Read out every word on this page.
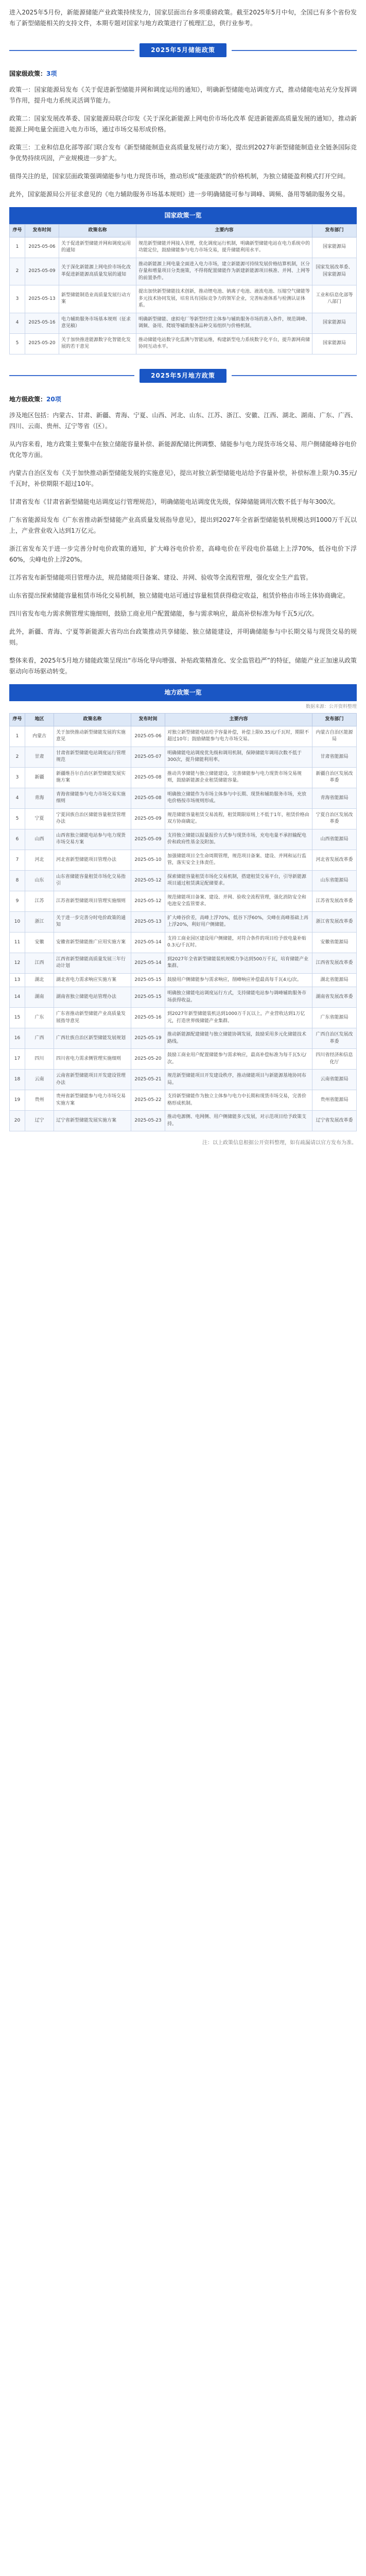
进入2025年5月份，新能源储能产业政策持续发力，国家层面出台多项重磅政策。截至2025年5月中旬，全国已有多个省份发布了新型储能相关的支持文件，本期专题对国家与地方政策进行了梳理汇总，供行业参考。

2025年5月储能政策
国家级政策：3项

政策一：国家能源局发布《关于促进新型储能并网和调度运用的通知》，明确新型储能电站调度方式，推动储能电站充分发挥调节作用，提升电力系统灵活调节能力。

政策二：国家发展改革委、国家能源局联合印发《关于深化新能源上网电价市场化改革 促进新能源高质量发展的通知》，推动新能源上网电量全面进入电力市场，通过市场交易形成价格。

政策三：工业和信息化部等部门联合发布《新型储能制造业高质量发展行动方案》，提出到2027年新型储能制造业全链条国际竞争优势持续巩固，产业规模进一步扩大。

值得关注的是，国家层面政策强调储能参与电力现货市场，推动形成“能涨能跌”的价格机制，为独立储能盈利模式打开空间。

此外，国家能源局公开征求意见的《电力辅助服务市场基本规则》进一步明确储能可参与调峰、调频、备用等辅助服务交易。

国家政策一览
序号	发布时间	政策名称	主要内容	发布部门
1	2025-05-06	关于促进新型储能并网和调度运用的通知	规范新型储能并网接入管理，优化调度运行机制，明确新型储能电站在电力系统中的功能定位，鼓励储能参与电力市场交易，提升储能利用水平。	国家能源局
2	2025-05-09	关于深化新能源上网电价市场化改革促进新能源高质量发展的通知	推动新能源上网电量全面进入电力市场，建立新能源可持续发展价格结算机制，区分存量和增量项目分类施策，不得将配置储能作为新建新能源项目核准、并网、上网等的前置条件。	国家发展改革委、国家能源局
3	2025-05-13	新型储能制造业高质量发展行动方案	提出加快新型储能技术创新，推动锂电池、钠离子电池、液流电池、压缩空气储能等多元技术协同发展，培育具有国际竞争力的领军企业，完善标准体系与检测认证体系。	工业和信息化部等八部门
4	2025-05-16	电力辅助服务市场基本规则（征求意见稿）	明确新型储能、虚拟电厂等新型经营主体参与辅助服务市场的准入条件，规范调峰、调频、备用、爬坡等辅助服务品种交易组织与价格机制。	国家能源局
5	2025-05-20	关于加快推进能源数字化智能化发展的若干意见	推动储能电站数字化监测与智能运维，构建新型电力系统数字化平台，提升源网荷储协同互动水平。	国家能源局
2025年5月地方政策
地方级政策：20项

涉及地区包括：内蒙古、甘肃、新疆、青海、宁夏、山西、河北、山东、江苏、浙江、安徽、江西、湖北、湖南、广东、广西、四川、云南、贵州、辽宁等省（区）。

从内容来看，地方政策主要集中在独立储能容量补偿、新能源配储比例调整、储能参与电力现货市场交易、用户侧储能峰谷电价优化等方面。

内蒙古自治区发布《关于加快推动新型储能发展的实施意见》，提出对独立新型储能电站给予容量补偿，补偿标准上限为0.35元/千瓦时，补偿期限不超过10年。

甘肃省发布《甘肃省新型储能电站调度运行管理规范》，明确储能电站调度优先级，保障储能调用次数不低于每年300次。

广东省能源局发布《广东省推动新型储能产业高质量发展指导意见》，提出到2027年全省新型储能装机规模达到1000万千瓦以上，产业营业收入达到1万亿元。

浙江省发布关于进一步完善分时电价政策的通知，扩大峰谷电价价差，高峰电价在平段电价基础上上浮70%，低谷电价下浮60%，尖峰电价上浮20%。

江苏省发布新型储能项目管理办法，规范储能项目备案、建设、并网、验收等全流程管理，强化安全生产监管。

山东省提出探索储能容量租赁市场化交易机制，独立储能电站可通过容量租赁获得稳定收益，租赁价格由市场主体协商确定。

四川省发布电力需求侧管理实施细则，鼓励工商业用户配置储能，参与需求响应，最高补偿标准为每千瓦5元/次。

此外，新疆、青海、宁夏等新能源大省均出台政策推动共享储能、独立储能建设，并明确储能参与中长期交易与现货交易的规则。

整体来看，2025年5月地方储能政策呈现出“市场化导向增强、补贴政策精准化、安全监管趋严”的特征，储能产业正加速从政策驱动向市场驱动转变。

地方政策一览
数据来源：公开资料整理
序号	地区	政策名称	发布时间	主要内容	发布部门
1	内蒙古	关于加快推动新型储能发展的实施意见	2025-05-06	对独立新型储能电站给予容量补偿，补偿上限0.35元/千瓦时，期限不超过10年；鼓励储能参与电力市场交易。	内蒙古自治区能源局
2	甘肃	甘肃省新型储能电站调度运行管理规范	2025-05-07	明确储能电站调度优先级和调用机制，保障储能年调用次数不低于300次，提升储能利用率。	甘肃省能源局
3	新疆	新疆维吾尔自治区新型储能发展实施方案	2025-05-08	推动共享储能与独立储能建设，完善储能参与电力现货市场交易规则，鼓励新能源企业租赁储能容量。	新疆自治区发展改革委
4	青海	青海省储能参与电力市场交易实施细则	2025-05-08	明确独立储能作为市场主体参与中长期、现货和辅助服务市场，充放电价格按市场规则形成。	青海省能源局
5	宁夏	宁夏回族自治区储能容量租赁管理办法	2025-05-09	规范储能容量租赁交易流程，租赁期限原则上不低于1年，租赁价格由双方协商确定。	宁夏自治区发展改革委
6	山西	山西省独立储能电站参与电力现货市场交易方案	2025-05-09	支持独立储能以报量报价方式参与现货市场，充电电量不承担输配电价和政府性基金及附加。	山西省能源局
7	河北	河北省新型储能项目管理办法	2025-05-10	加强储能项目全生命周期管理，规范项目备案、建设、并网和运行监管，落实安全主体责任。	河北省发展改革委
8	山东	山东省储能容量租赁市场化交易指引	2025-05-12	探索储能容量租赁市场化交易机制，搭建租赁交易平台，引导新能源项目通过租赁满足配储要求。	山东省能源局
9	江苏	江苏省新型储能项目管理实施细则	2025-05-12	规范储能项目备案、建设、并网、验收全流程管理，强化消防安全和电池安全监管要求。	江苏省发展改革委
10	浙江	关于进一步完善分时电价政策的通知	2025-05-13	扩大峰谷价差，高峰上浮70%，低谷下浮60%，尖峰在高峰基础上再上浮20%，利好用户侧储能。	浙江省发展改革委
11	安徽	安徽省新型储能推广应用实施方案	2025-05-14	支持工商业园区建设用户侧储能，对符合条件的项目给予放电量补贴0.3元/千瓦时。	安徽省能源局
12	江西	江西省新型储能高质量发展三年行动计划	2025-05-14	到2027年全省新型储能装机规模力争达到500万千瓦，培育储能产业集群。	江西省发展改革委
13	湖北	湖北省电力需求响应实施方案	2025-05-15	鼓励用户侧储能参与需求响应，削峰响应补偿最高每千瓦4元/次。	湖北省能源局
14	湖南	湖南省独立储能电站管理办法	2025-05-15	明确独立储能电站调度运行方式，支持储能电站参与调峰辅助服务市场获得收益。	湖南省发展改革委
15	广东	广东省推动新型储能产业高质量发展指导意见	2025-05-16	到2027年新型储能装机达到1000万千瓦以上，产业营收达到1万亿元，打造世界级储能产业集群。	广东省能源局
16	广西	广西壮族自治区新型储能发展规划	2025-05-19	推动新能源配建储能与独立储能协调发展，鼓励采用多元化储能技术路线。	广西自治区发展改革委
17	四川	四川省电力需求侧管理实施细则	2025-05-20	鼓励工商业用户配置储能参与需求响应，最高补偿标准为每千瓦5元/次。	四川省经济和信息化厅
18	云南	云南省新型储能项目开发建设管理办法	2025-05-21	规范新型储能项目开发建设秩序，推动储能项目与新能源基地协同布局。	云南省能源局
19	贵州	贵州省新型储能参与电力市场交易实施方案	2025-05-22	支持新型储能作为独立主体参与电力中长期和现货市场交易，完善价格形成机制。	贵州省能源局
20	辽宁	辽宁省新型储能发展实施方案	2025-05-23	推动电源侧、电网侧、用户侧储能多元发展，对示范项目给予政策支持。	辽宁省发展改革委
注：以上政策信息根据公开资料整理，如有疏漏请以官方发布为准。
